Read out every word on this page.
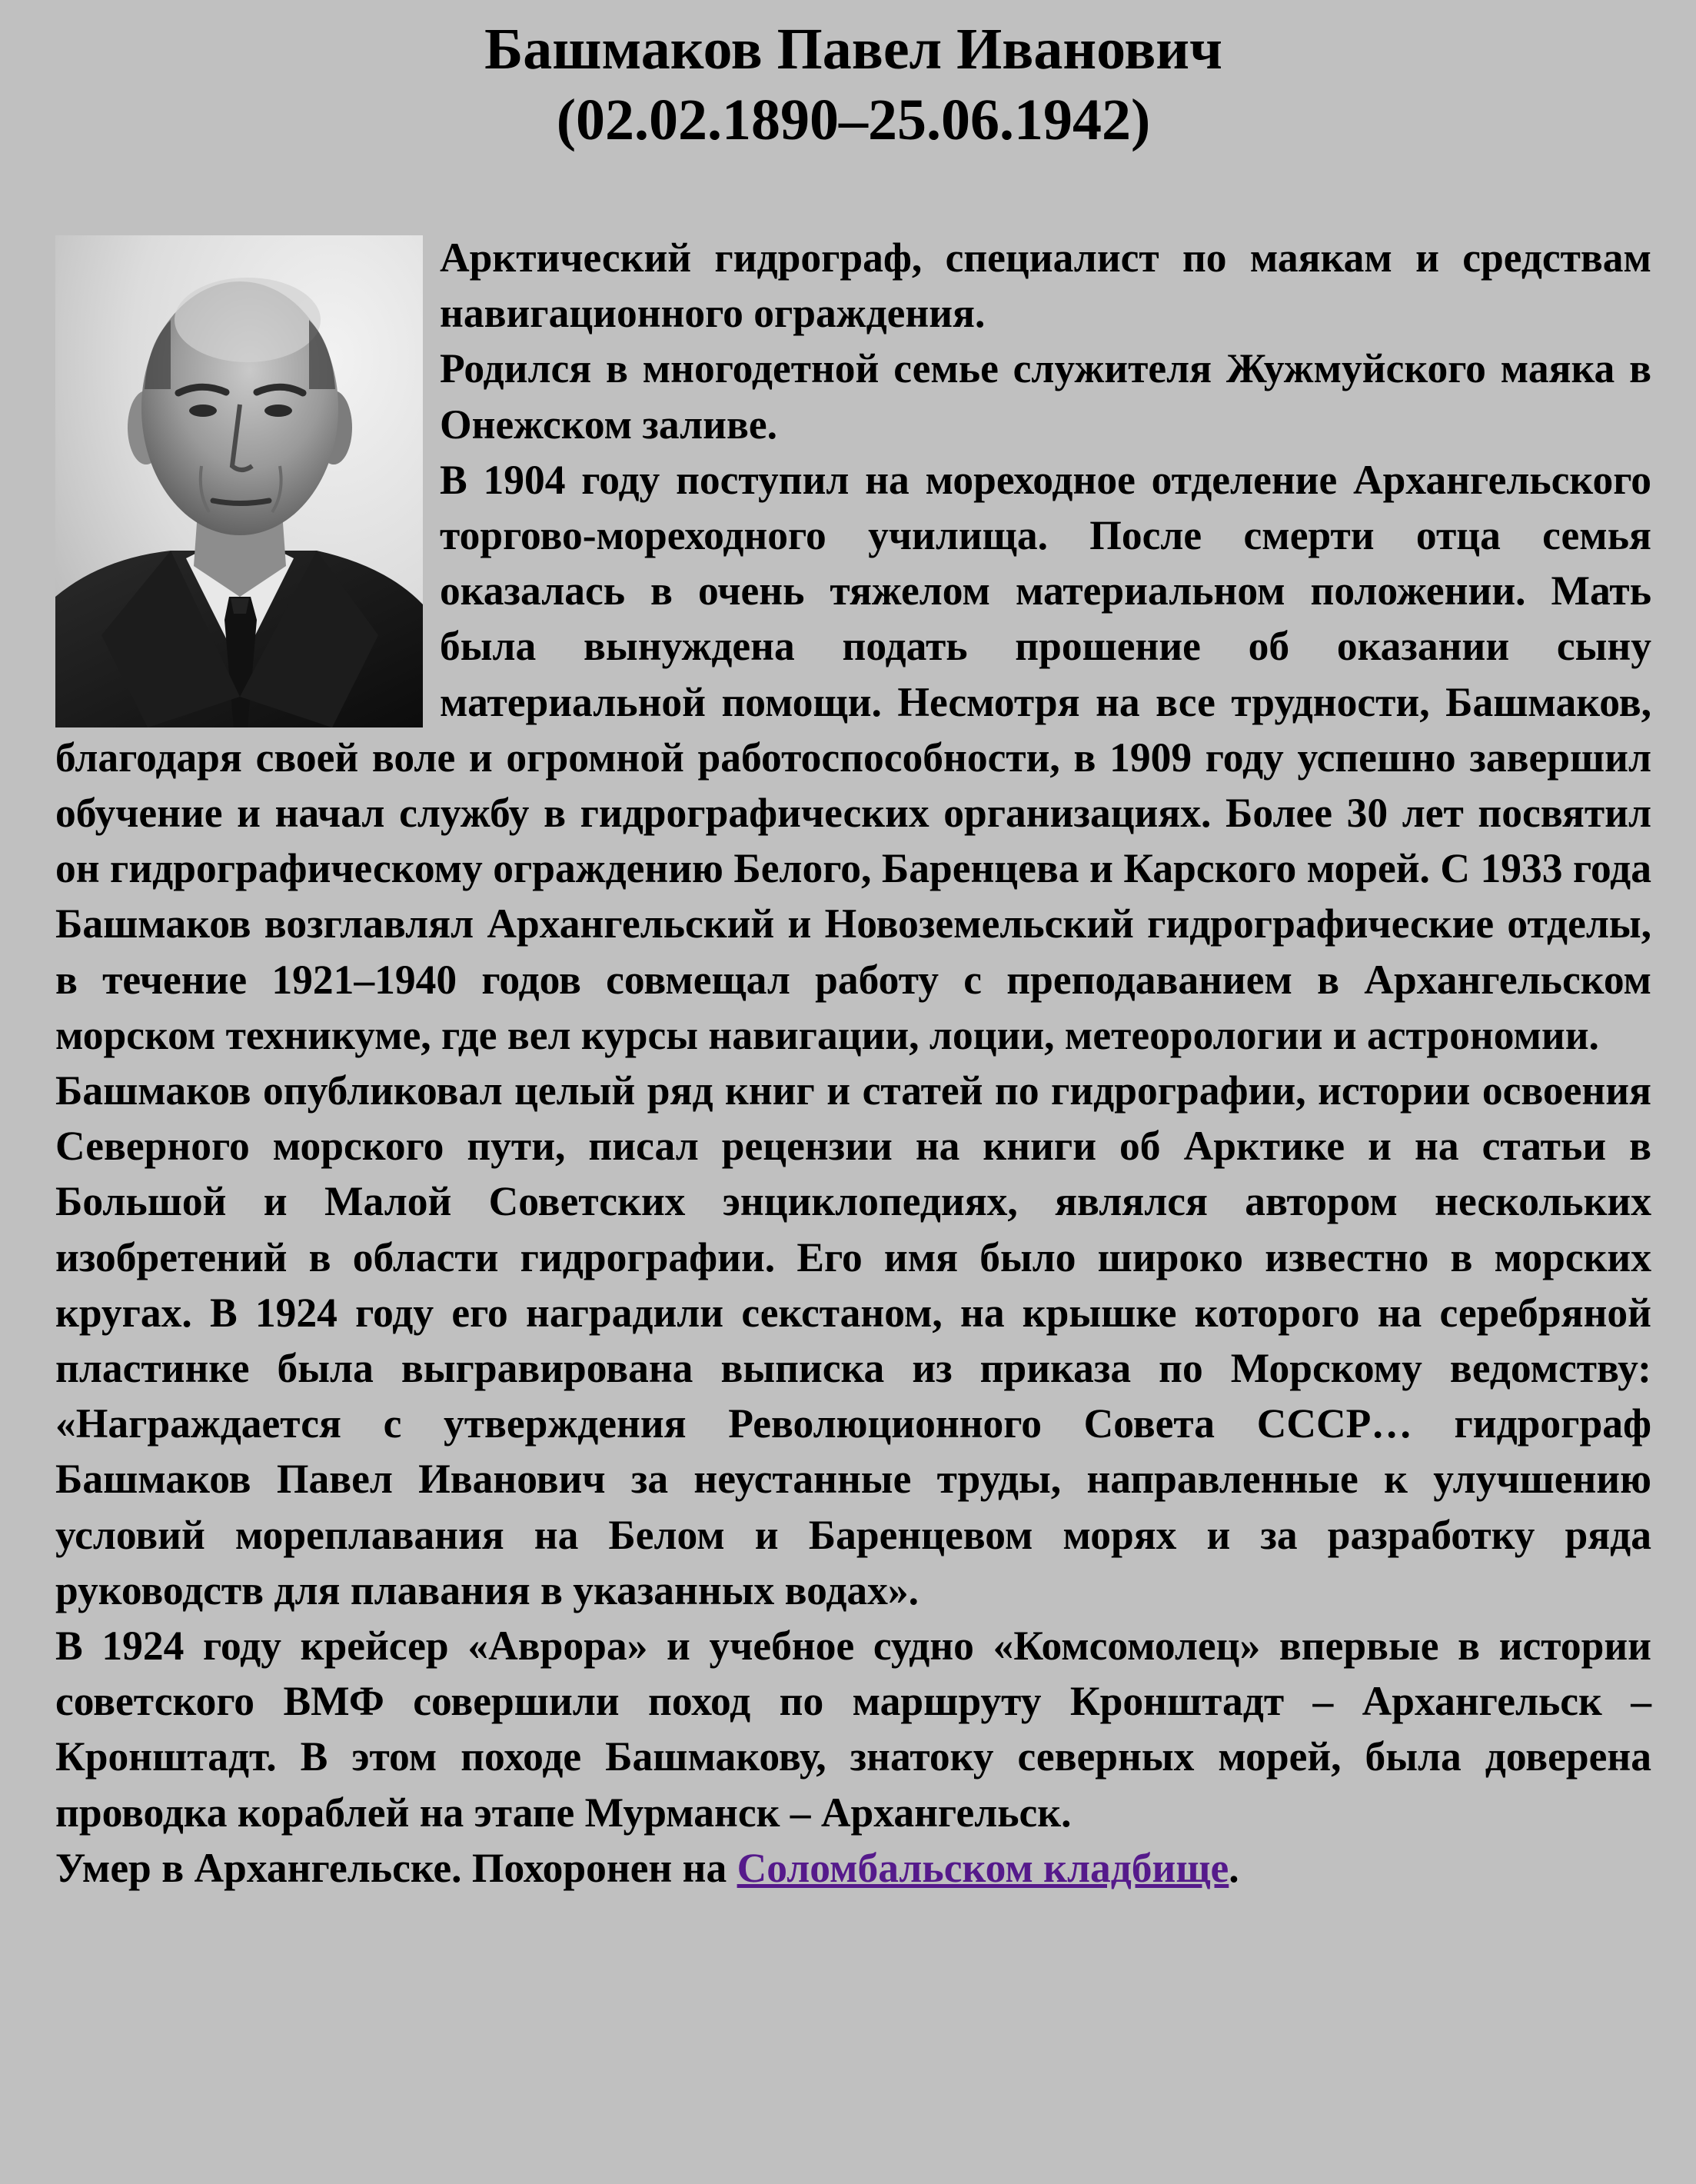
Башмаков Павел Иванович
(02.02.1890–25.06.1942)

Арктический гидрограф, специалист по маякам и средствам навигационного ограждения.

Родился в многодетной семье служителя Жужмуйского маяка в Онежском заливе.

В 1904 году поступил на мореходное отделение Архангельского торгово-мореходного училища. После смерти отца семья оказалась в очень тяжелом материальном положении. Мать была вынуждена подать прошение об оказании сыну материальной помощи. Несмотря на все трудности, Башмаков, благодаря своей воле и огромной работоспособности, в 1909 году успешно завершил обучение и начал службу в гидрографических организациях. Более 30 лет посвятил он гидрографическому ограждению Белого, Баренцева и Карского морей. С 1933 года Башмаков возглавлял Архангельский и Новоземельский гидрографические отделы, в течение 1921–1940 годов совмещал работу с преподаванием в Архангельском морском техникуме, где вел курсы навигации, лоции, метеорологии и астрономии.

Башмаков опубликовал целый ряд книг и статей по гидрографии, истории освоения Северного морского пути, писал рецензии на книги об Арктике и на статьи в Большой и Малой Советских энциклопедиях, являлся автором нескольких изобретений в области гидрографии. Его имя было широко известно в морских кругах. В 1924 году его наградили секстаном, на крышке которого на серебряной пластинке была выгравирована выписка из приказа по Морскому ведомству: «Награждается с утверждения Революционного Совета СССР… гидрограф Башмаков Павел Иванович за неустанные труды, направленные к улучшению условий мореплавания на Белом и Баренцевом морях и за разработку ряда руководств для плавания в указанных водах».

В 1924 году крейсер «Аврора» и учебное судно «Комсомолец» впервые в истории советского ВМФ совершили поход по маршруту Кронштадт – Архангельск – Кронштадт. В этом походе Башмакову, знатоку северных морей, была доверена проводка кораблей на этапе Мурманск – Архангельск.

Умер в Архангельске. Похоронен на Соломбальском кладбище.
